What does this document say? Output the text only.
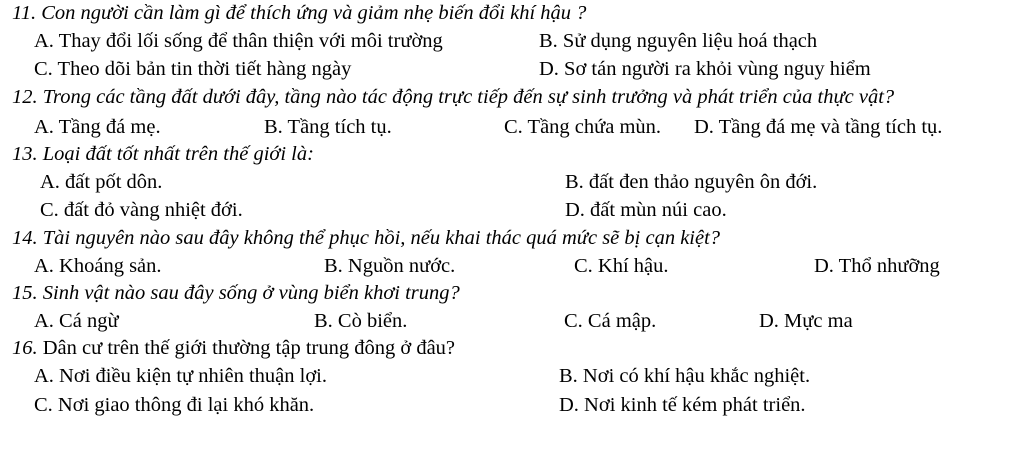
11. Con người cần làm gì để thích ứng và giảm nhẹ biến đổi khí hậu ?
A. Thay đổi lối sống để thân thiện với môi trường	B. Sử dụng nguyên liệu hoá thạch
C. Theo dõi bản tin thời tiết hàng ngày	D. Sơ tán người ra khỏi vùng nguy hiểm
12. Trong các tầng đất dưới đây, tầng nào tác động trực tiếp đến sự sinh trưởng và phát triển của thực vật?
A. Tầng đá mẹ.	B. Tầng tích tụ.	C. Tầng chứa mùn.	D. Tầng đá mẹ và tầng tích tụ.
13. Loại đất tốt nhất trên thế giới là:
A. đất pốt dôn.	B. đất đen thảo nguyên ôn đới.
C. đất đỏ vàng nhiệt đới.	D. đất mùn núi cao.
14. Tài nguyên nào sau đây không thể phục hồi, nếu khai thác quá mức sẽ bị cạn kiệt?
A. Khoáng sản.	B. Nguồn nước.	C. Khí hậu.	D. Thổ nhưỡng
15. Sinh vật nào sau đây sống ở vùng biển khơi trung?
A. Cá ngừ	B. Cò biển.	C. Cá mập.	D. Mực ma
16. Dân cư trên thế giới thường tập trung đông ở đâu?
A. Nơi điều kiện tự nhiên thuận lợi.	B. Nơi có khí hậu khắc nghiệt.
C. Nơi giao thông đi lại khó khăn.	D. Nơi kinh tế kém phát triển.
